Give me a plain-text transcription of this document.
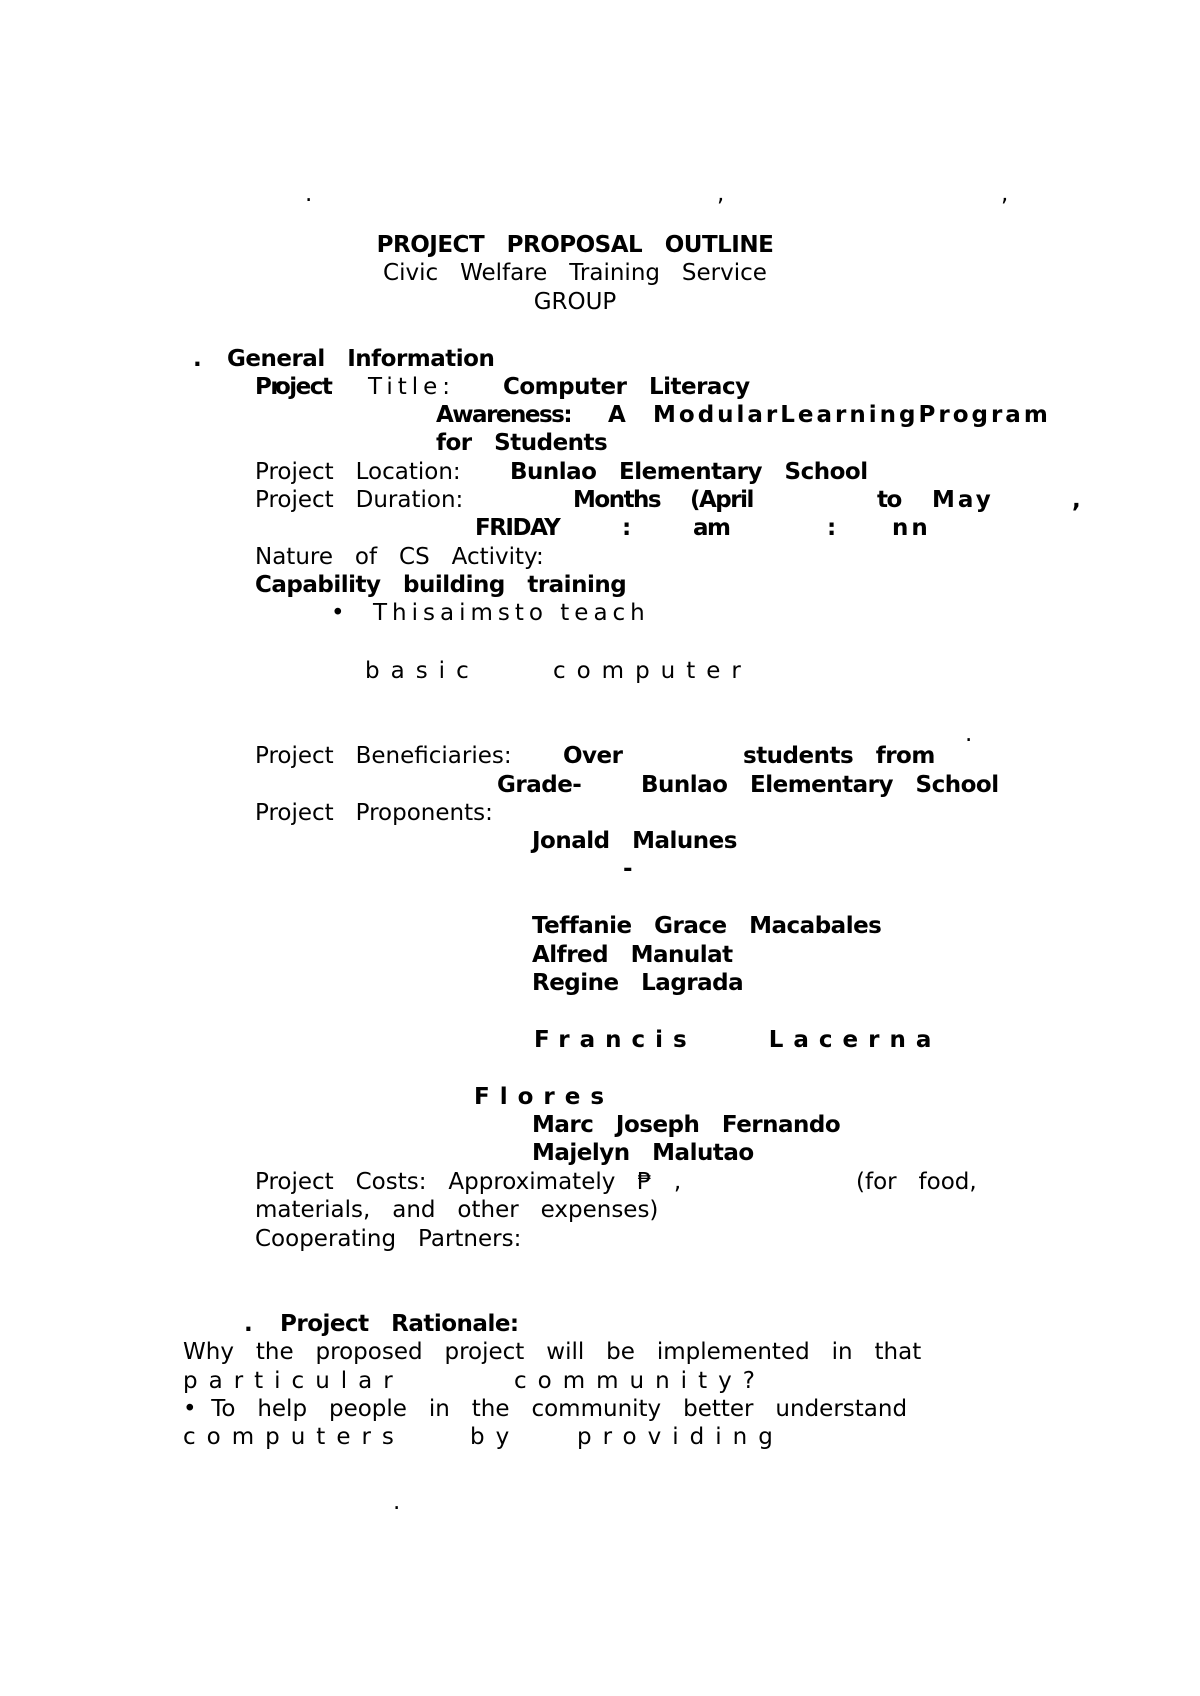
.	,	,
PROJECT   PROPOSAL   OUTLINE
Civic   Welfare   Training   Service
GROUP
. General   Information
Pr
oject Title: Computer   Literacy
Awareness: A ModularLearningProgram
for   Students
Project   Location: Bunlao   Elementary   School
Project   Duration:	Months (April	to May	,
FRIDAY	:	am	: nn
Nature   of   CS   Activity:
Capability   building   training
• Thisaimsto teach
basic    computer
.
Project   Beneficiaries: Over	students   from
Grade-	Bunlao   Elementary   School
Project   Proponents:
Jonald   Malunes
-
Teffanie   Grace   Macabales
Alfred   Manulat
Regine   Lagrada
Francis    Lacerna
Flores
Marc   Joseph   Fernando
Majelyn   Malutao
Project   Costs:   Approximately   ₱   ,	(for   food,
materials,   and   other   expenses)
Cooperating   Partners:
. Project   Rationale:
Why   the   proposed   project   will   be   implemented   in   that
particular	community?
•  To   help   people   in   the   community   better   understand
computers	by providing
.
